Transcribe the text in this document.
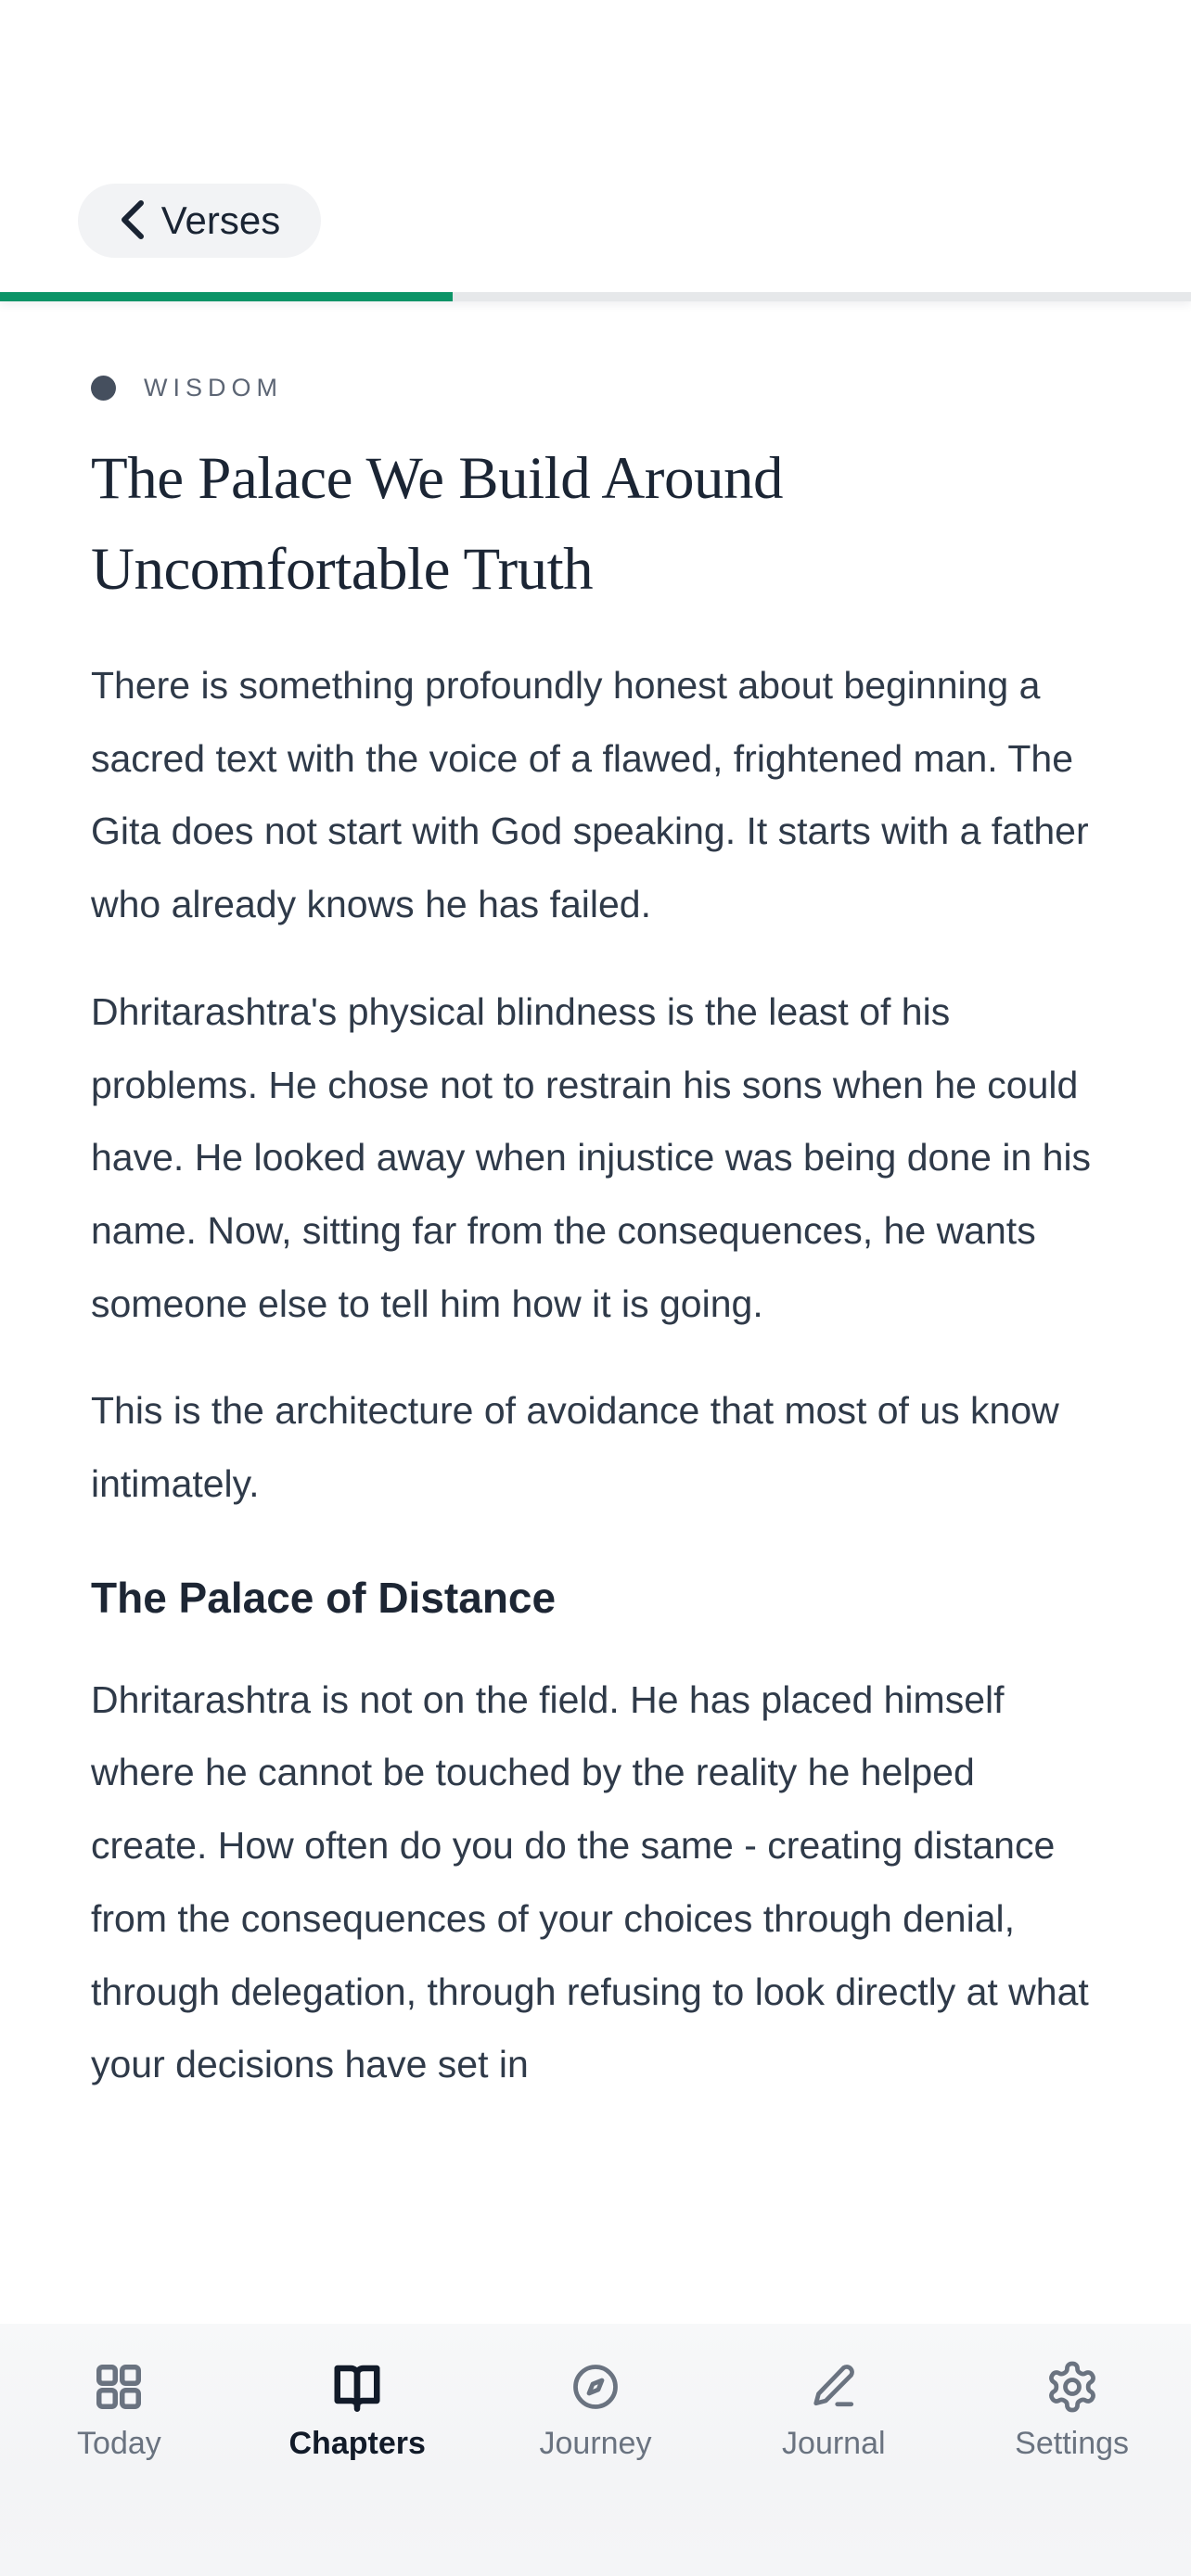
Verses
WISDOM
The Palace We Build Around Uncomfortable Truth

There is something profoundly honest about beginning a sacred text with the voice of a flawed, frightened man. The Gita does not start with God speaking. It starts with a father who already knows he has failed.

Dhritarashtra's physical blindness is the least of his problems. He chose not to restrain his sons when he could have. He looked away when injustice was being done in his name. Now, sitting far from the consequences, he wants someone else to tell him how it is going.

This is the architecture of avoidance that most of us know intimately.

The Palace of Distance

Dhritarashtra is not on the field. He has placed himself where he cannot be touched by the reality he helped create. How often do you do the same - creating distance from the consequences of your choices through denial, through delegation, through refusing to look directly at what your decisions have set in

Today	Chapters	Journey	Journal	Settings
